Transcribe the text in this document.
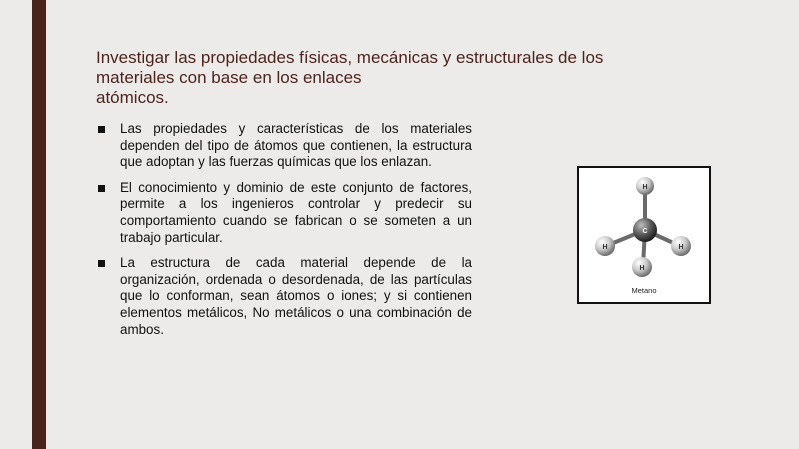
Investigar las propiedades físicas, mecánicas y estructurales de los
materiales con base en los enlaces
atómicos.
Las propiedades y características de los materiales dependen del tipo de átomos que contienen, la estructura que adoptan y las fuerzas químicas que los enlazan.
El conocimiento y dominio de este conjunto de factores, permite a los ingenieros controlar y predecir su comportamiento cuando se fabrican o se someten a un trabajo particular.
La estructura de cada material depende de la organización, ordenada o desordenada, de las partículas que lo conforman, sean átomos o iones; y si contienen elementos metálicos, No metálicos o una combinación de ambos.
H
C
H	H
H
Metano
